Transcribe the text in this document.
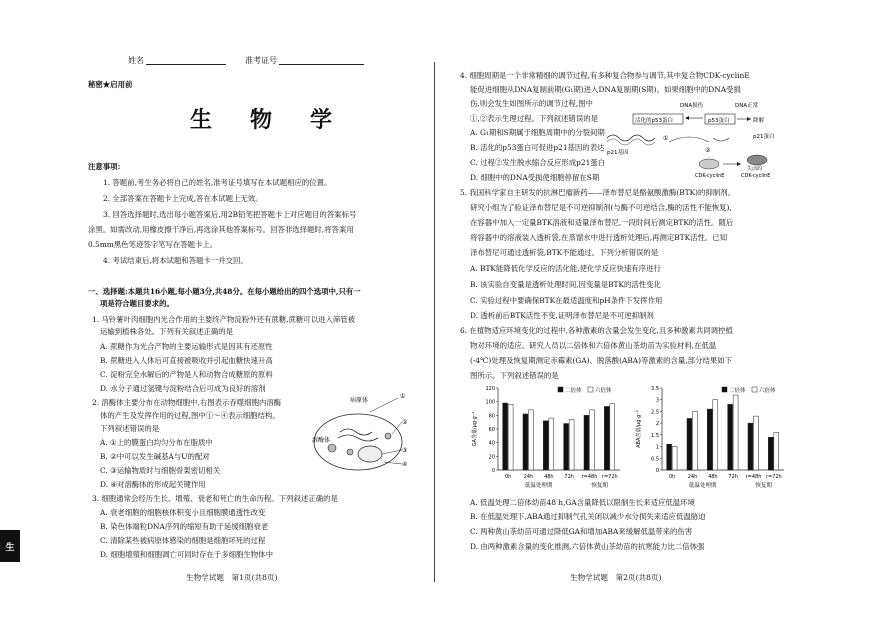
生
姓名	准考证号
秘密★启用前
生　物　学
注意事项:
1. 答题前,考生务必将自己的姓名,准考证号填写在本试题相应的位置。
2. 全部答案在答题卡上完成,答在本试题上无效。
3. 回答选择题时,选出每小题答案后,用2B铅笔把答题卡上对应题目的答案标号
涂黑。如需改动,用橡皮擦干净后,再选涂其他答案标号。回答非选择题时,将答案用
0.5mm黑色笔迹签字笔写在答题卡上。
4. 考试结束后,将本试题和答题卡一并交回。
一、选择题:本题共16小题,每小题3分,共48分。在每小题给出的四个选项中,只有一
项是符合题目要求的。
1. 马铃薯叶肉细胞内光合作用的主要终产物淀粉外还有蔗糖,蔗糖可以进入筛管被
运输到植株各处。下列有关叙述正确的是
A. 蔗糖作为光合产物的主要运输形式是因其有还原性
B. 蔗糖进入人体后可直接被吸收并引起血糖快速升高
C. 淀粉完全水解后的产物是人和动物合成糖原的原料
D. 水分子通过氢键与淀粉结合后可成为良好的溶剂
2. 溶酶体主要分布在动物细胞中,右图表示吞噬细胞内溶酶
体的产生及发挥作用的过程,图中①～④表示细胞结构。
下列叙述错误的是
A. ①上的膜蛋白均匀分布在脂质中
B. ②中可以发生碱基A与U的配对
C. ③运输物质时与细胞骨架密切相关
D. ④对溶酶体的形成起关键作用
病原体
溶酶体
①
②
③
④
3. 细胞通常会经历生长、增殖、衰老和死亡的生命历程。下列叙述正确的是
A. 衰老细胞的细胞核体积变小且细胞膜通透性改变
B. 染色体端粒DNA序列的缩短有助于延缓细胞衰老
C. 清除某些被病原体感染的细胞是细胞坏死的过程
D. 细胞增殖和细胞凋亡可同时存在于多细胞生物体中
生物学试题　第1页(共8页)
4. 细胞周期是一个非常精细的调节过程,有多种复合物参与调节,其中复合物CDK-cyclinE
能促进细胞从DNA复制前期(G₁期)进入DNA复制期(S期)。如果细胞中的DNA受损
伤,则会发生如图所示的调节过程,图中
①,②表示生理过程。下列叙述错误的是
A. G₁期和S期属于细胞周期中的分裂间期
B. 活化的p53蛋白可促进p21基因的表达
C. 过程②发生脱水缩合反应形成p21蛋白
D. 细胞中的DNA受损使细胞停留在S期
DNA损伤	DNA正常
活化的p53蛋白	p53蛋白	降解
p21基因
①
②
p21蛋白
CDK-cyclinE
失活的
CDK-cyclinE
5. 我国科学家自主研发的抗淋巴瘤新药——泽布替尼是酪氨酸激酶(BTK)的抑制剂。
研究小组为了验证泽布替尼是不可逆抑制剂(与酶不可逆结合,酶的活性不能恢复),
在容器中加入一定量BTK溶液和适量泽布替尼,一段时间后测定BTK的活性。随后
将容器中的溶液装入透析袋,在蒸馏水中进行透析处理后,再测定BTK活性。已知
泽布替尼可通过透析袋,BTK不能通过。下列分析错误的是
A. BTK能降低化学反应的活化能,使化学反应快速有序进行
B. 该实验自变量是透析处理时间,因变量是BTK的活性变化
C. 实验过程中要确保BTK在最适温度和pH条件下发挥作用
D. 透析前后BTK活性不变,证明泽布替尼是不可逆抑制剂
6. 在植物适应环境变化的过程中,各种激素的含量会发生变化,且多种激素共同调控植
物对环境的适应。研究人员以二倍体和六倍体黄山茶幼苗为实验材料,在低温
(-4℃)处理及恢复期测定赤霉素(GA)、脱落酸(ABA)等激素的含量,部分结果如下
图所示。下列叙述错误的是
0
20
40
60
80
100
120
GA含量/μg·g⁻¹
0h 24h 48h 72h r=48h r=72h
低温处理期	恢复期
二倍体 六倍体
0
0.5
1
1.5
2
2.5
3
3.5
ABA含量/μg·g⁻¹
0h 24h 48h 72h r=48h r=72h
低温处理期	恢复期
二倍体 六倍体
A. 低温处理二倍体幼苗48 h,GA含量降低以限制生长来适应低温环境
B. 在低温处理下,ABA通过抑制气孔关闭以减少水分损失来适应低温胁迫
C. 两种黄山茶幼苗可通过降低GA和增加ABA来缓解低温带来的伤害
D. 由两种激素含量的变化推测,六倍体黄山茶幼苗的抗寒能力比二倍体强
生物学试题　第2页(共8页)
